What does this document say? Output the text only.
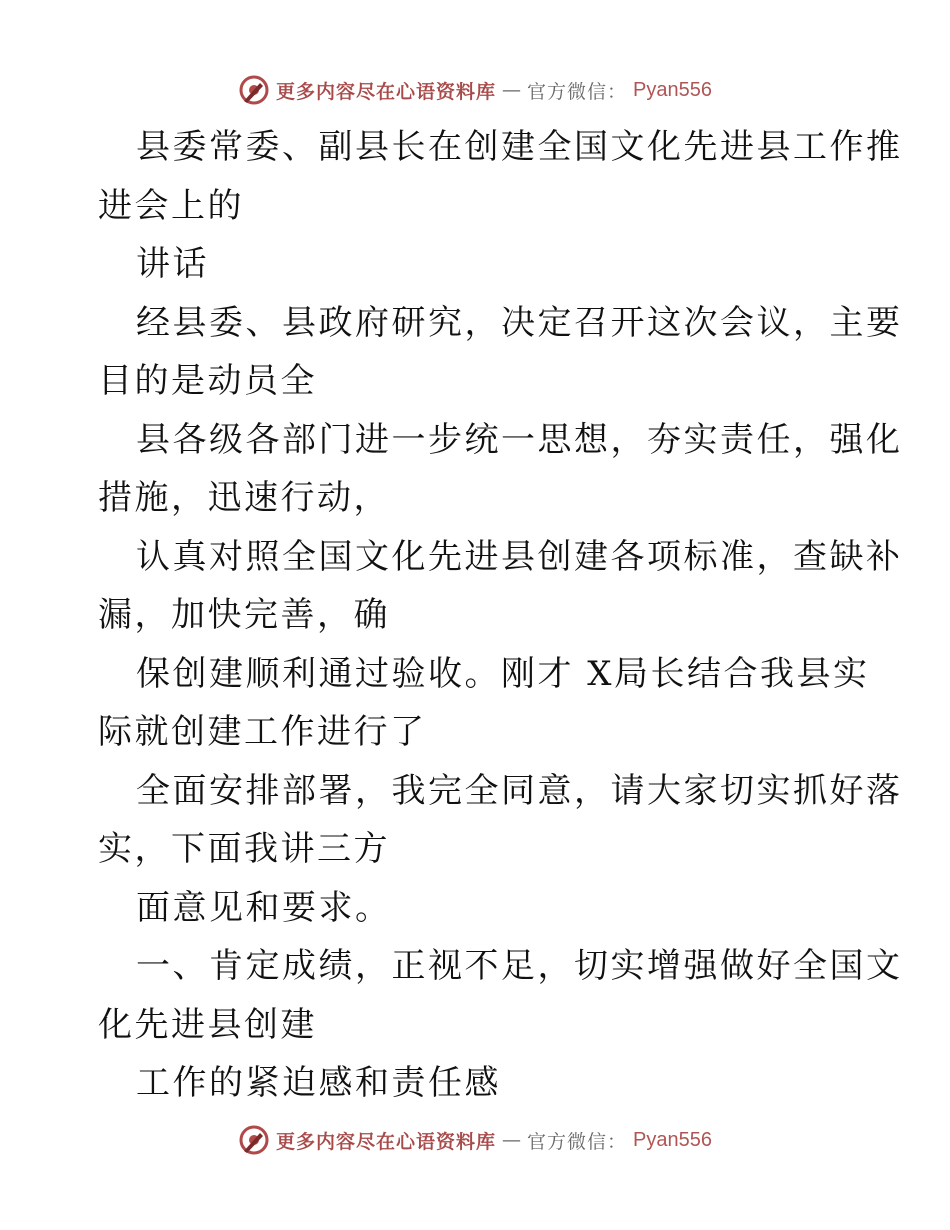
更多内容尽在心语资料库 — 官方微信： Pyan556
县委常委、副县长在创建全国文化先进县工作推
进会上的
讲话
经县委、县政府研究，决定召开这次会议，主要
目的是动员全
县各级各部门进一步统一思想，夯实责任，强化
措施，迅速行动，
认真对照全国文化先进县创建各项标准，查缺补
漏，加快完善，确
保创建顺利通过验收。刚才 X局长结合我县实
际就创建工作进行了
全面安排部署，我完全同意，请大家切实抓好落
实，下面我讲三方
面意见和要求。
一、肯定成绩，正视不足，切实增强做好全国文
化先进县创建
工作的紧迫感和责任感
更多内容尽在心语资料库 — 官方微信： Pyan556
